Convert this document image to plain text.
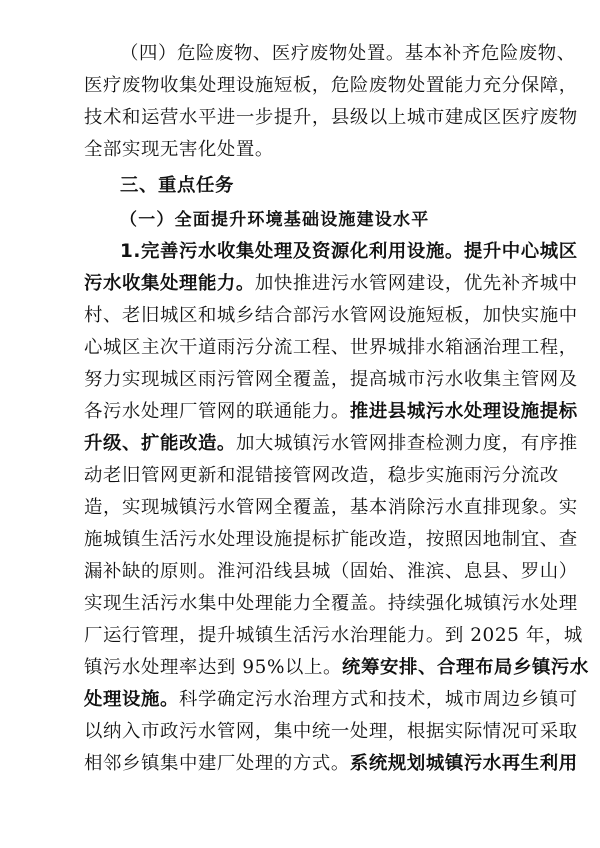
（四）危险废物、医疗废物处置。基本补齐危险废物、

医疗废物收集处理设施短板，危险废物处置能力充分保障，

技术和运营水平进一步提升，县级以上城市建成区医疗废物

全部实现无害化处置。

三、重点任务

（一）全面提升环境基础设施建设水平

1.完善污水收集处理及资源化利用设施。提升中心城区

污水收集处理能力。加快推进污水管网建设，优先补齐城中

村、老旧城区和城乡结合部污水管网设施短板，加快实施中

心城区主次干道雨污分流工程、世界城排水箱涵治理工程，

努力实现城区雨污管网全覆盖，提高城市污水收集主管网及

各污水处理厂管网的联通能力。推进县城污水处理设施提标

升级、扩能改造。加大城镇污水管网排查检测力度，有序推

动老旧管网更新和混错接管网改造，稳步实施雨污分流改

造，实现城镇污水管网全覆盖，基本消除污水直排现象。实

施城镇生活污水处理设施提标扩能改造，按照因地制宜、查

漏补缺的原则。淮河沿线县城（固始、淮滨、息县、罗山）

实现生活污水集中处理能力全覆盖。持续强化城镇污水处理

厂运行管理，提升城镇生活污水治理能力。到 2025 年，城

镇污水处理率达到 95%以上。统筹安排、合理布局乡镇污水

处理设施。科学确定污水治理方式和技术，城市周边乡镇可

以纳入市政污水管网，集中统一处理，根据实际情况可采取

相邻乡镇集中建厂处理的方式。系统规划城镇污水再生利用
